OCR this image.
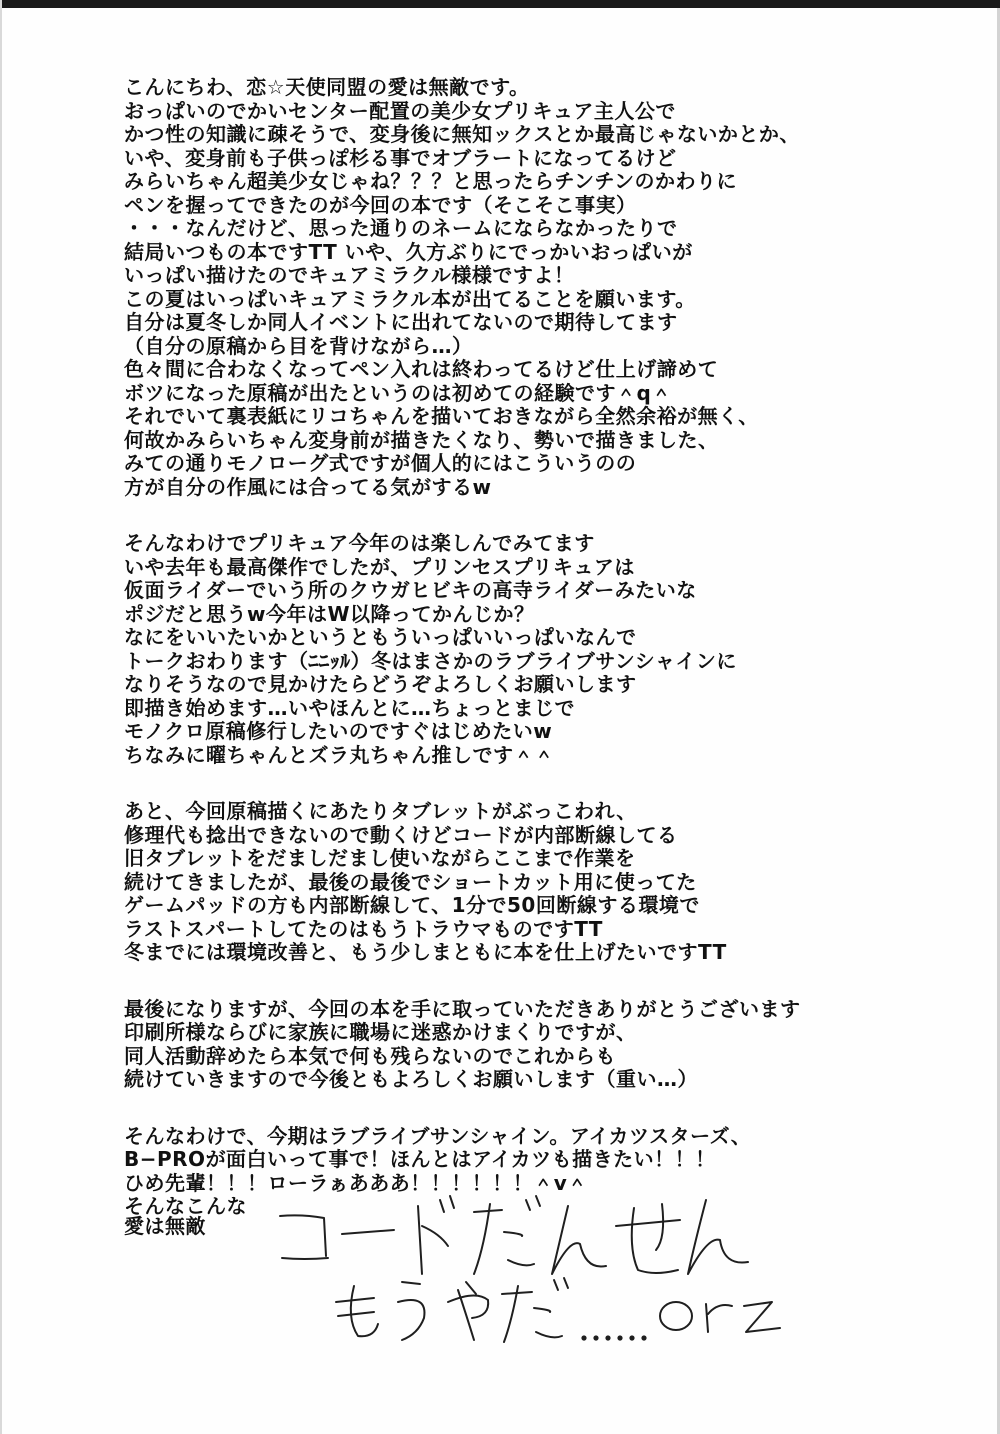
こんにちわ、恋☆天使同盟の愛は無敵です。
おっぱいのでかいセンター配置の美少女プリキュア主人公で
かつ性の知識に疎そうで、変身後に無知ックスとか最高じゃないかとか、
いや、変身前も子供っぽ杉る事でオブラートになってるけど
みらいちゃん超美少女じゃね？？？と思ったらチンチンのかわりに
ペンを握ってできたのが今回の本です（そこそこ事実）
・・・なんだけど、思った通りのネームにならなかったりで
結局いつもの本ですTT いや、久方ぶりにでっかいおっぱいが
いっぱい描けたのでキュアミラクル様様ですよ！
この夏はいっぱいキュアミラクル本が出てることを願います。
自分は夏冬しか同人イベントに出れてないので期待してます
（自分の原稿から目を背けながら…）
色々間に合わなくなってペン入れは終わってるけど仕上げ諦めて
ボツになった原稿が出たというのは初めての経験です＾q＾
それでいて裏表紙にリコちゃんを描いておきながら全然余裕が無く、
何故かみらいちゃん変身前が描きたくなり、勢いで描きました、
みての通りモノローグ式ですが個人的にはこういうのの
方が自分の作風には合ってる気がするw
そんなわけでプリキュア今年のは楽しんでみてます
いや去年も最高傑作でしたが、プリンセスプリキュアは
仮面ライダーでいう所のクウガヒビキの高寺ライダーみたいな
ポジだと思うw今年はW以降ってかんじか？
なにをいいたいかというともういっぱいいっぱいなんで
トークおわります（ﾆﾆｯﾙ）冬はまさかのラブライブサンシャインに
なりそうなので見かけたらどうぞよろしくお願いします
即描き始めます…いやほんとに…ちょっとまじで
モノクロ原稿修行したいのですぐはじめたいw
ちなみに曜ちゃんとズラ丸ちゃん推しです＾＾
あと、今回原稿描くにあたりタブレットがぶっこわれ、
修理代も捻出できないので動くけどコードが内部断線してる
旧タブレットをだましだまし使いながらここまで作業を
続けてきましたが、最後の最後でショートカット用に使ってた
ゲームパッドの方も内部断線して、1分で50回断線する環境で
ラストスパートしてたのはもうトラウマものですTT
冬までには環境改善と、もう少しまともに本を仕上げたいですTT
最後になりますが、今回の本を手に取っていただきありがとうございます
印刷所様ならびに家族に職場に迷惑かけまくりですが、
同人活動辞めたら本気で何も残らないのでこれからも
続けていきますので今後ともよろしくお願いします（重い…）
そんなわけで、今期はラブライブサンシャイン。アイカツスターズ、
B−PROが面白いって事で！ほんとはアイカツも描きたい！！！
ひめ先輩！！！ローラぁあああ！！！！！！＾v＾
そんなこんな
愛は無敵
